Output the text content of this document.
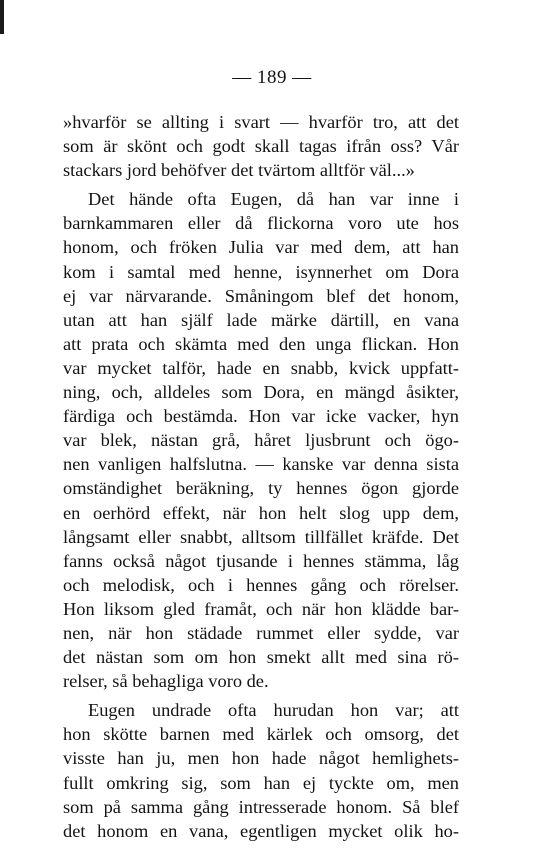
— 189 —

»hvarför se allting i svart — hvarför tro, att det
som är skönt och godt skall tagas ifrån oss? Vår
stackars jord behöfver det tvärtom alltför väl...»

Det hände ofta Eugen, då han var inne i
barnkammaren eller då flickorna voro ute hos
honom, och fröken Julia var med dem, att han
kom i samtal med henne, isynnerhet om Dora
ej var närvarande. Småningom blef det honom,
utan att han själf lade märke därtill, en vana
att prata och skämta med den unga flickan. Hon
var mycket talför, hade en snabb, kvick uppfatt-
ning, och, alldeles som Dora, en mängd åsikter,
färdiga och bestämda. Hon var icke vacker, hyn
var blek, nästan grå, håret ljusbrunt och ögo-
nen vanligen halfslutna. — kanske var denna sista
omständighet beräkning, ty hennes ögon gjorde
en oerhörd effekt, när hon helt slog upp dem,
långsamt eller snabbt, alltsom tillfället kräfde. Det
fanns också något tjusande i hennes stämma, låg
och melodisk, och i hennes gång och rörelser.
Hon liksom gled framåt, och när hon klädde bar-
nen, när hon städade rummet eller sydde, var
det nästan som om hon smekt allt med sina rö-
relser, så behagliga voro de.

Eugen undrade ofta hurudan hon var; att
hon skötte barnen med kärlek och omsorg, det
visste han ju, men hon hade något hemlighets-
fullt omkring sig, som han ej tyckte om, men
som på samma gång intresserade honom. Så blef
det honom en vana, egentligen mycket olik ho-
